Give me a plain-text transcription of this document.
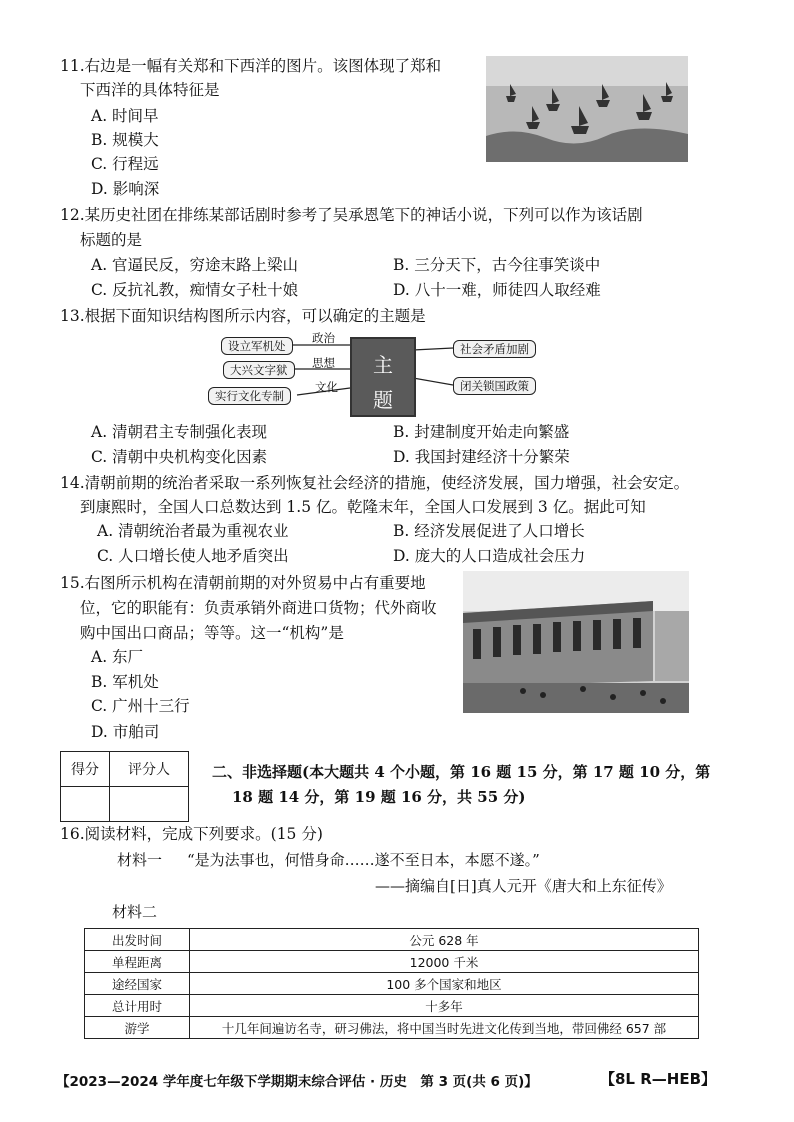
11.右边是一幅有关郑和下西洋的图片。该图体现了郑和
下西洋的具体特征是
A. 时间早
B. 规模大
C. 行程远
D. 影响深
12.某历史社团在排练某部话剧时参考了吴承恩笔下的神话小说，下列可以作为该话剧
标题的是
A. 官逼民反，穷途末路上梁山	B. 三分天下，古今往事笑谈中
C. 反抗礼教，痴情女子杜十娘	D. 八十一难，师徒四人取经难
13.根据下面知识结构图所示内容，可以确定的主题是
设立军机处
大兴文字狱
实行文化专制
政治
思想
文化
主
题
社会矛盾加剧
闭关锁国政策
A. 清朝君主专制强化表现	B. 封建制度开始走向繁盛
C. 清朝中央机构变化因素	D. 我国封建经济十分繁荣
14.清朝前期的统治者采取一系列恢复社会经济的措施，使经济发展，国力增强，社会安定。
到康熙时，全国人口总数达到 1.5 亿。乾隆末年，全国人口发展到 3 亿。据此可知
A. 清朝统治者最为重视农业	B. 经济发展促进了人口增长
C. 人口增长使人地矛盾突出	D. 庞大的人口造成社会压力
15.右图所示机构在清朝前期的对外贸易中占有重要地
位，它的职能有：负责承销外商进口货物；代外商收
购中国出口商品；等等。这一“机构”是
A. 东厂
B. 军机处
C. 广州十三行
D. 市舶司
得分	评分人
		二、非选择题(本大题共 4 个小题，第 16 题 15 分，第 17 题 10 分，第
18 题 14 分，第 19 题 16 分，共 55 分)
16.阅读材料，完成下列要求。(15 分)
材料一 “是为法事也，何惜身命……遂不至日本，本愿不遂。”
——摘编自[日]真人元开《唐大和上东征传》
材料二
出发时间	公元 628 年
单程距离	12000 千米
途经国家	100 多个国家和地区
总计用时	十多年
游学	十几年间遍访名寺，研习佛法，将中国当时先进文化传到当地，带回佛经 657 部
【2023—2024 学年度七年级下学期期末综合评估 · 历史　第 3 页(共 6 页)】	【8L R—HEB】
